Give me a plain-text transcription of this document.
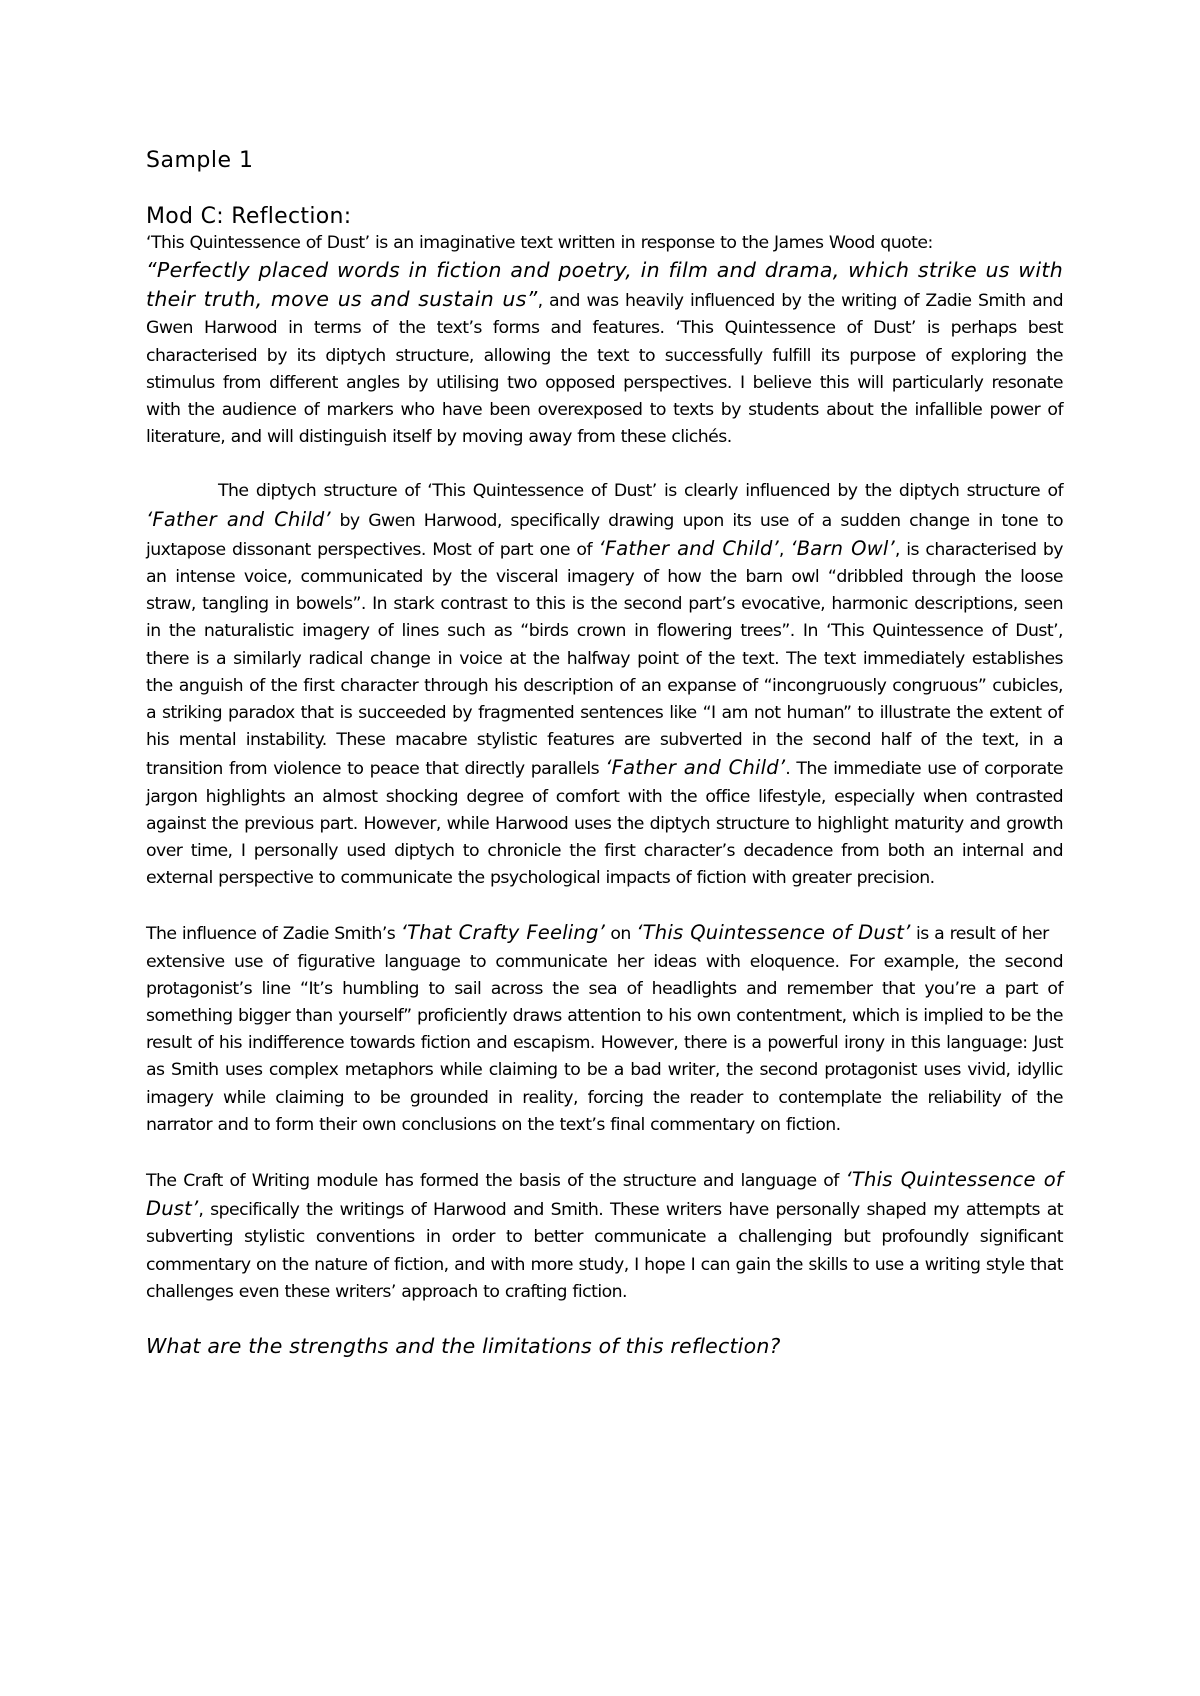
Sample 1
Mod C: Reflection:

‘This Quintessence of Dust’ is an imaginative text written in response to the James Wood quote:
“Perfectly placed words in fiction and poetry, in film and drama, which strike us with their truth, move us and sustain us”, and was heavily influenced by the writing of Zadie Smith and Gwen Harwood in terms of the text’s forms and features. ‘This Quintessence of Dust’ is perhaps best characterised by its diptych structure, allowing the text to successfully fulfill its purpose of exploring the stimulus from different angles by utilising two opposed perspectives. I believe this will particularly resonate with the audience of markers who have been overexposed to texts by students about the infallible power of literature, and will distinguish itself by moving away from these clichés.

The diptych structure of ‘This Quintessence of Dust’ is clearly influenced by the diptych structure of ‘Father and Child’ by Gwen Harwood, specifically drawing upon its use of a sudden change in tone to juxtapose dissonant perspectives. Most of part one of ‘Father and Child’, ‘Barn Owl’, is characterised by an intense voice, communicated by the visceral imagery of how the barn owl “dribbled through the loose straw, tangling in bowels”. In stark contrast to this is the second part’s evocative, harmonic descriptions, seen in the naturalistic imagery of lines such as “birds crown in flowering trees”. In ‘This Quintessence of Dust’, there is a similarly radical change in voice at the halfway point of the text. The text immediately establishes the anguish of the first character through his description of an expanse of “incongruously congruous” cubicles, a striking paradox that is succeeded by fragmented sentences like “I am not human” to illustrate the extent of his mental instability. These macabre stylistic features are subverted in the second half of the text, in a transition from violence to peace that directly parallels ‘Father and Child’. The immediate use of corporate jargon highlights an almost shocking degree of comfort with the office lifestyle, especially when contrasted against the previous part. However, while Harwood uses the diptych structure to highlight maturity and growth over time, I personally used diptych to chronicle the first character’s decadence from both an internal and external perspective to communicate the psychological impacts of fiction with greater precision.

The influence of Zadie Smith’s ‘That Crafty Feeling’ on ‘This Quintessence of Dust’ is a result of her
extensive use of figurative language to communicate her ideas with eloquence. For example, the second protagonist’s line “It’s humbling to sail across the sea of headlights and remember that you’re a part of something bigger than yourself” proficiently draws attention to his own contentment, which is implied to be the result of his indifference towards fiction and escapism. However, there is a powerful irony in this language: Just as Smith uses complex metaphors while claiming to be a bad writer, the second protagonist uses vivid, idyllic imagery while claiming to be grounded in reality, forcing the reader to contemplate the reliability of the narrator and to form their own conclusions on the text’s final commentary on fiction.

The Craft of Writing module has formed the basis of the structure and language of ‘This Quintessence of Dust’, specifically the writings of Harwood and Smith. These writers have personally shaped my attempts at subverting stylistic conventions in order to better communicate a challenging but profoundly significant commentary on the nature of fiction, and with more study, I hope I can gain the skills to use a writing style that challenges even these writers’ approach to crafting fiction.

What are the strengths and the limitations of this reflection?
